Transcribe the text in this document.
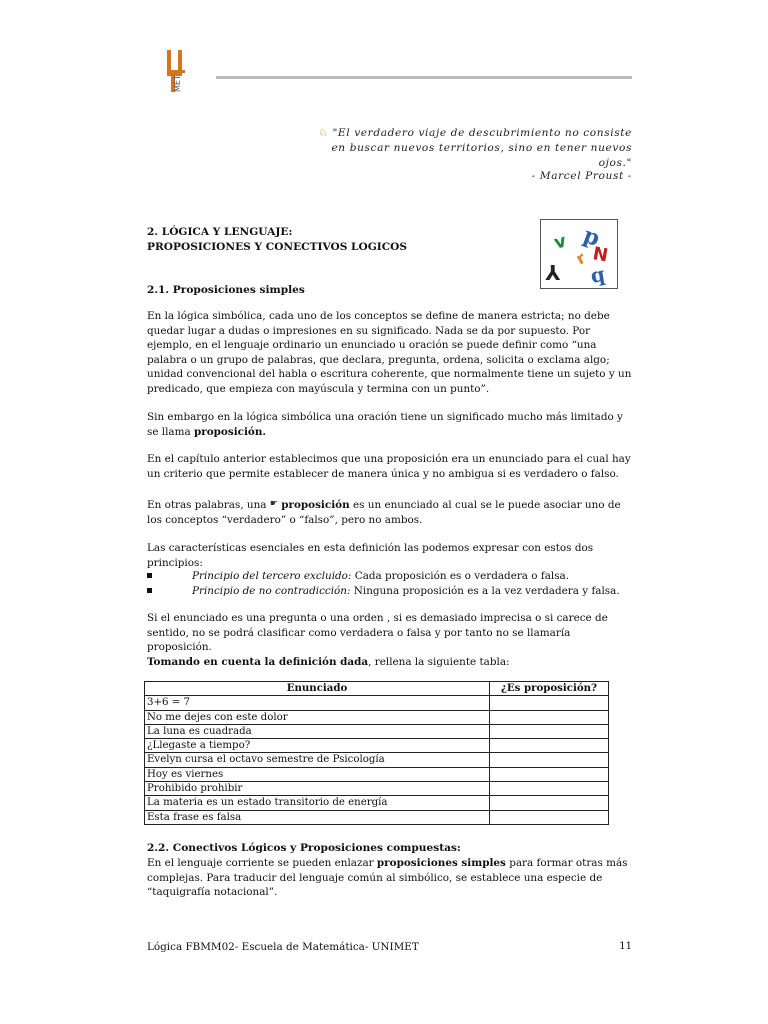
MET
♘ "El verdadero viaje de descubrimiento no consiste
en buscar nuevos territorios, sino en tener nuevos ojos."
- Marcel Proust -
2. LÓGICA Y LENGUAJE:
PROPOSICIONES Y CONECTIVOS LOGICOS	p
v
N
r
Y q
2.1. Proposiciones simples
En la lógica simbólica, cada uno de los conceptos se define de manera estricta; no debe quedar lugar a dudas o impresiones en su significado. Nada se da por supuesto. Por ejemplo, en el lenguaje ordinario un enunciado u oración se puede definir como “una palabra o un grupo de palabras, que declara, pregunta, ordena, solicita o exclama algo; unidad convencional del habla o escritura coherente, que normalmente tiene un sujeto y un predicado, que empieza con mayúscula y termina con un punto”.
Sin embargo en la lógica simbólica una oración tiene un significado mucho más limitado y se llama proposición.
En el capítulo anterior establecimos que una proposición era un enunciado para el cual hay un criterio que permite establecer de manera única y no ambigua si es verdadero o falso.
En otras palabras, una ☛ proposición es un enunciado al cual se le puede asociar uno de los conceptos “verdadero” o “falso”, pero no ambos.
Las características esenciales en esta definición las podemos expresar con estos dos principios:
Principio del tercero excluido: Cada proposición es o verdadera o falsa.
Principio de no contradicción: Ninguna proposición es a la vez verdadera y falsa.
Si el enunciado es una pregunta o una orden , si es demasiado imprecisa o si carece de sentido, no se podrá clasificar como verdadera o falsa y por tanto no se llamaría proposición.
Tomando en cuenta la definición dada, rellena la siguiente tabla:
Enunciado	¿Es proposición?
3+6 = 7	
No me dejes con este dolor	
La luna es cuadrada	
¿Llegaste a tiempo?	
Evelyn cursa el octavo semestre de Psicología	
Hoy es viernes	
Prohibido prohibir	
La materia es un estado transitorio de energía	
Esta frase es falsa	
2.2. Conectivos Lógicos y Proposiciones compuestas:
En el lenguaje corriente se pueden enlazar proposiciones simples para formar otras más complejas. Para traducir del lenguaje común al simbólico, se establece una especie de “taquigrafía notacional”.
Lógica FBMM02- Escuela de Matemática- UNIMET	11
